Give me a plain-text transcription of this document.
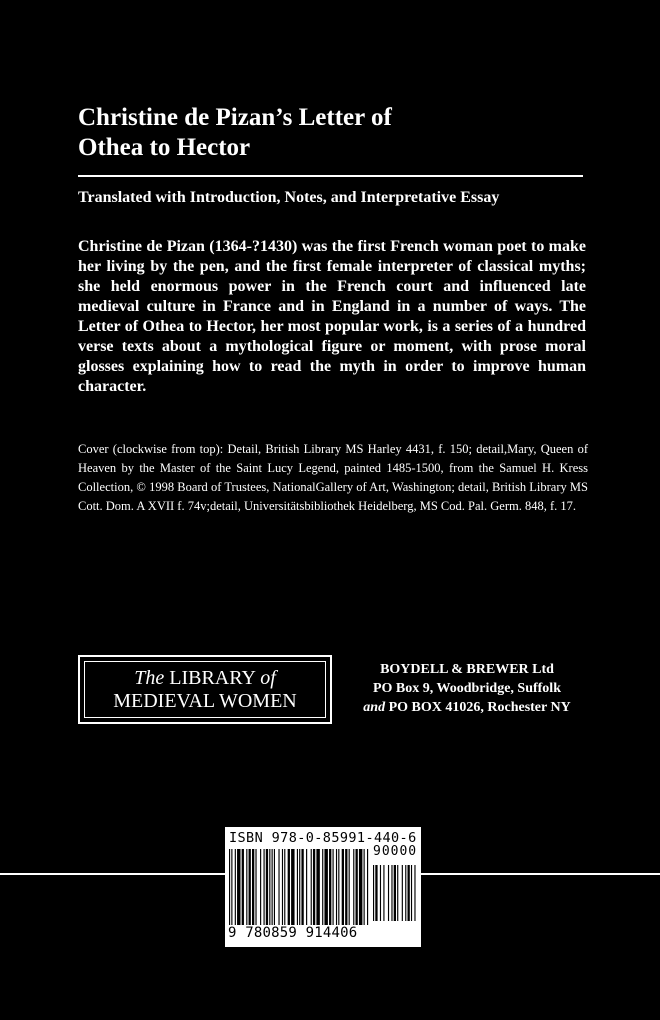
Christine de Pizan’s Letter of
Othea to Hector
Translated with Introduction, Notes, and Interpretative Essay
Christine de Pizan (1364-?1430) was the first French woman poet to make her living by the pen, and the first female interpreter of classical myths; she held enormous power in the French court and influenced late medieval culture in France and in England in a number of ways. The Letter of Othea to Hector, her most popular work, is a series of a hundred verse texts about a mythological figure or moment, with prose moral glosses explaining how to read the myth in order to improve human character.
Cover (clockwise from top): Detail, British Library MS Harley 4431, f. 150; detail,Mary, Queen of Heaven by the Master of the Saint Lucy Legend, painted 1485-1500, from the Samuel H. Kress Collection, © 1998 Board of Trustees, NationalGallery of Art, Washington; detail, British Library MS Cott. Dom. A XVII f. 74v;detail, Universitätsbibliothek Heidelberg, MS Cod. Pal. Germ. 848, f. 17.
The LIBRARY of
MEDIEVAL WOMEN
BOYDELL & BREWER Ltd
PO Box 9, Woodbridge, Suffolk
and PO BOX 41026, Rochester NY
ISBN 978-0-85991-440-6
90000
9 780859 914406
